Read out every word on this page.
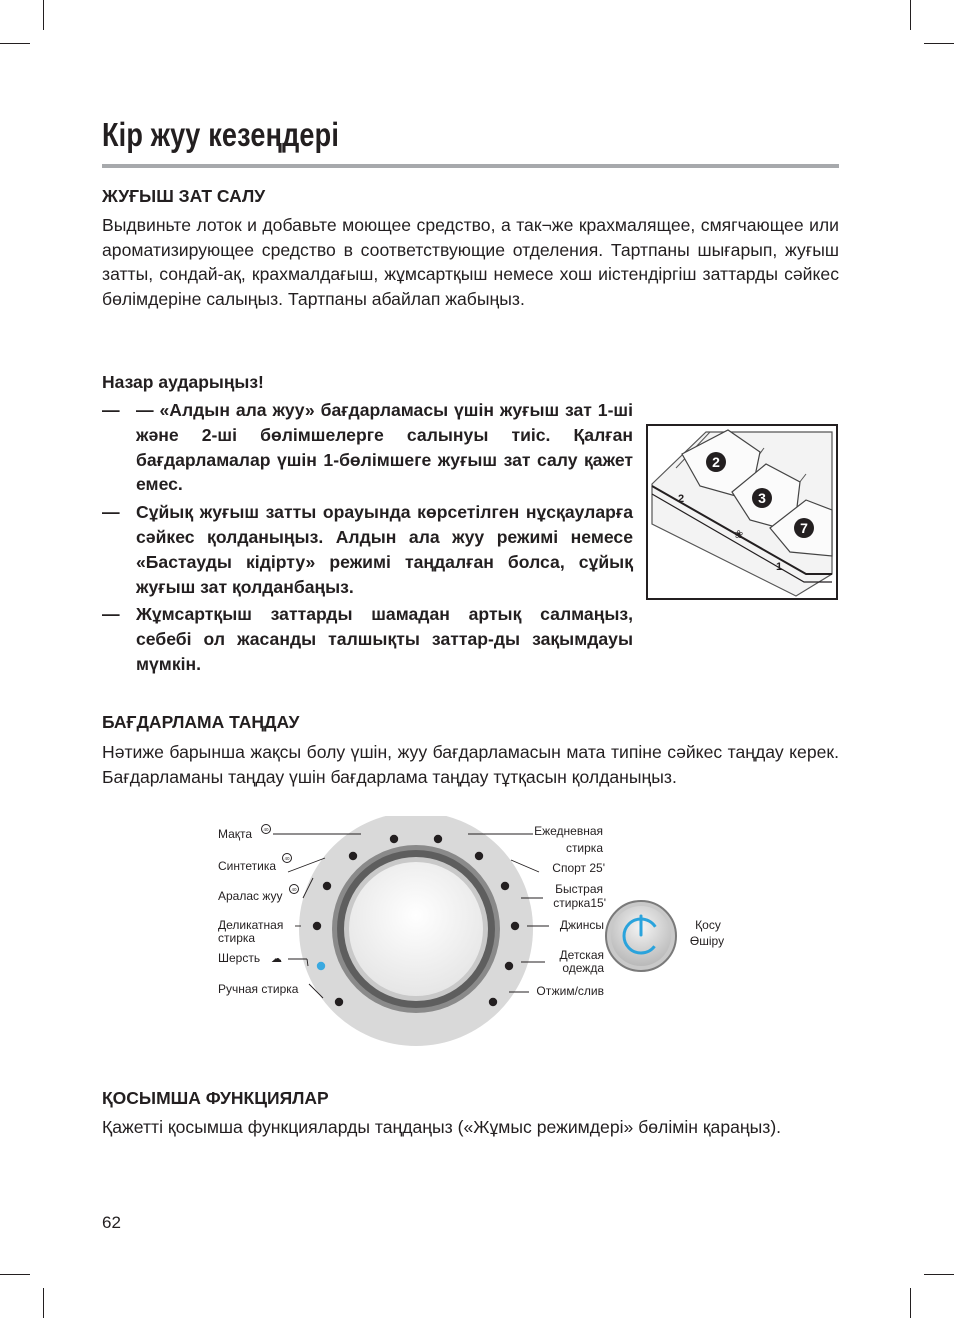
Кір жуу кезеңдері
ЖУҒЫШ ЗАТ САЛУ

Выдвиньте лоток и добавьте моющее средство, а так¬же крахмалящее, смягчающее или ароматизирующее средство в соответствующие отделения. Тартпаны шығарып, жуғыш затты, сондай-ақ, крахмалдағыш, жұмсартқыш немесе хош иістендіргіш заттарды сәйкес бөлімдеріне салыңыз. Тартпаны абайлап жабыңыз.

Назар аударыңыз!
— — «Алдын ала жуу» бағдарламасы үшін жуғыш зат 1-ші және 2-ші бөлімшелерге салынуы тиіс. Қалған бағдарламалар үшін 1-бөлімшеге жуғыш зат салу қажет емес.
— Сұйық жуғыш затты орауында көрсетілген нұсқауларға сәйкес қолданыңыз. Алдын ала жуу режимі немесе «Бастауды кідірту» режимі таңдалған болса, сұйық жуғыш зат қолданбаңыз.
— Жұмсартқыш заттарды шамадан артық салмаңыз, себебі ол жасанды талшықты заттар-ды зақымдауы мүмкін.
2
3
7
2
1
❀
БАҒДАРЛАМА ТАҢДАУ

Нәтиже барынша жақсы болу үшін, жуу бағдарламасын мата типіне сәйкес таңдау керек. Бағдарламаны таңдау үшін бағдарлама таңдау тұтқасын қолданыңыз.

Мақта	40
Синтетика
40
Аралас жуу 40
Деликатная
стирка
Шерсть ☁
Ручная стирка
Ежедневная
стирка
Спорт 25'
Быстрая
стирка15'
Джинсы
Детская
одежда
Отжим/слив
Қосу
Өшіру
ҚОСЫМША ФУНКЦИЯЛАР

Қажетті қосымша функцияларды таңдаңыз («Жұмыс режимдері» бөлімін қараңыз).

62
